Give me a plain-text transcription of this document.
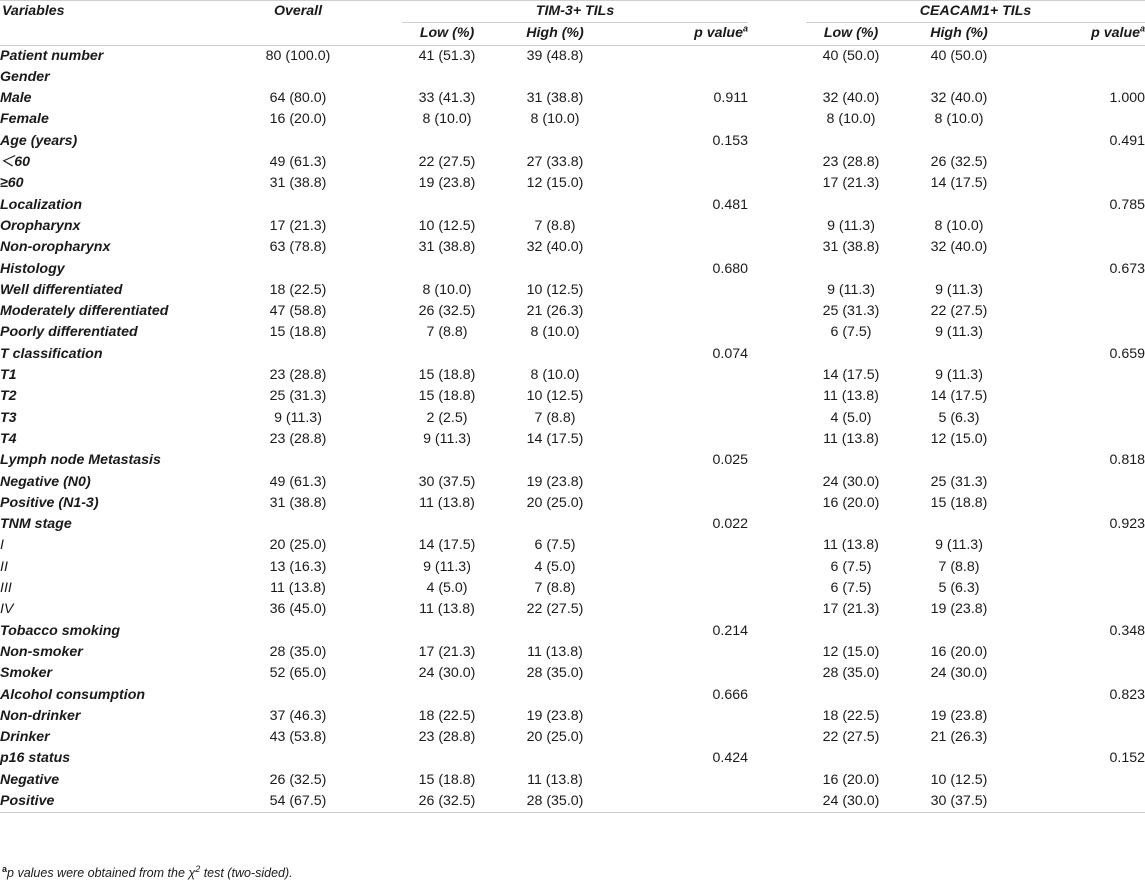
Variables	Overall		TIM-3+ TILs						CEACAM1+ TILs				
			Low (%)		High (%)		p value$^a$		Low (%)		High (%)		p value$^a$
Patient number	80 (100.0)		41 (51.3)		39 (48.8)				40 (50.0)		40 (50.0)		
Gender													
Male	64 (80.0)		33 (41.3)		31 (38.8)		0.911		32 (40.0)		32 (40.0)		1.000
Female	16 (20.0)		8 (10.0)		8 (10.0)				8 (10.0)		8 (10.0)		
Age (years)							0.153						0.491
＜60	49 (61.3)		22 (27.5)		27 (33.8)				23 (28.8)		26 (32.5)		
≥60	31 (38.8)		19 (23.8)		12 (15.0)				17 (21.3)		14 (17.5)		
Localization							0.481						0.785
Oropharynx	17 (21.3)		10 (12.5)		7 (8.8)				9 (11.3)		8 (10.0)		
Non-oropharynx	63 (78.8)		31 (38.8)		32 (40.0)				31 (38.8)		32 (40.0)		
Histology							0.680						0.673
Well differentiated	18 (22.5)		8 (10.0)		10 (12.5)				9 (11.3)		9 (11.3)		
Moderately differentiated	47 (58.8)		26 (32.5)		21 (26.3)				25 (31.3)		22 (27.5)		
Poorly differentiated	15 (18.8)		7 (8.8)		8 (10.0)				6 (7.5)		9 (11.3)		
T classification							0.074						0.659
T1	23 (28.8)		15 (18.8)		8 (10.0)				14 (17.5)		9 (11.3)		
T2	25 (31.3)		15 (18.8)		10 (12.5)				11 (13.8)		14 (17.5)		
T3	9 (11.3)		2 (2.5)		7 (8.8)				4 (5.0)		5 (6.3)		
T4	23 (28.8)		9 (11.3)		14 (17.5)				11 (13.8)		12 (15.0)		
Lymph node Metastasis							0.025						0.818
Negative (N0)	49 (61.3)		30 (37.5)		19 (23.8)				24 (30.0)		25 (31.3)		
Positive (N1-3)	31 (38.8)		11 (13.8)		20 (25.0)				16 (20.0)		15 (18.8)		
TNM stage							0.022						0.923
I	20 (25.0)		14 (17.5)		6 (7.5)				11 (13.8)		9 (11.3)		
II	13 (16.3)		9 (11.3)		4 (5.0)				6 (7.5)		7 (8.8)		
III	11 (13.8)		4 (5.0)		7 (8.8)				6 (7.5)		5 (6.3)		
IV	36 (45.0)		11 (13.8)		22 (27.5)				17 (21.3)		19 (23.8)		
Tobacco smoking							0.214						0.348
Non-smoker	28 (35.0)		17 (21.3)		11 (13.8)				12 (15.0)		16 (20.0)		
Smoker	52 (65.0)		24 (30.0)		28 (35.0)				28 (35.0)		24 (30.0)		
Alcohol consumption							0.666						0.823
Non-drinker	37 (46.3)		18 (22.5)		19 (23.8)				18 (22.5)		19 (23.8)		
Drinker	43 (53.8)		23 (28.8)		20 (25.0)				22 (27.5)		21 (26.3)		
p16 status							0.424						0.152
Negative	26 (32.5)		15 (18.8)		11 (13.8)				16 (20.0)		10 (12.5)		
Positive	54 (67.5)		26 (32.5)		28 (35.0)				24 (30.0)		30 (37.5)		
$^a$p values were obtained from the $\chi^2$ test (two-sided).
